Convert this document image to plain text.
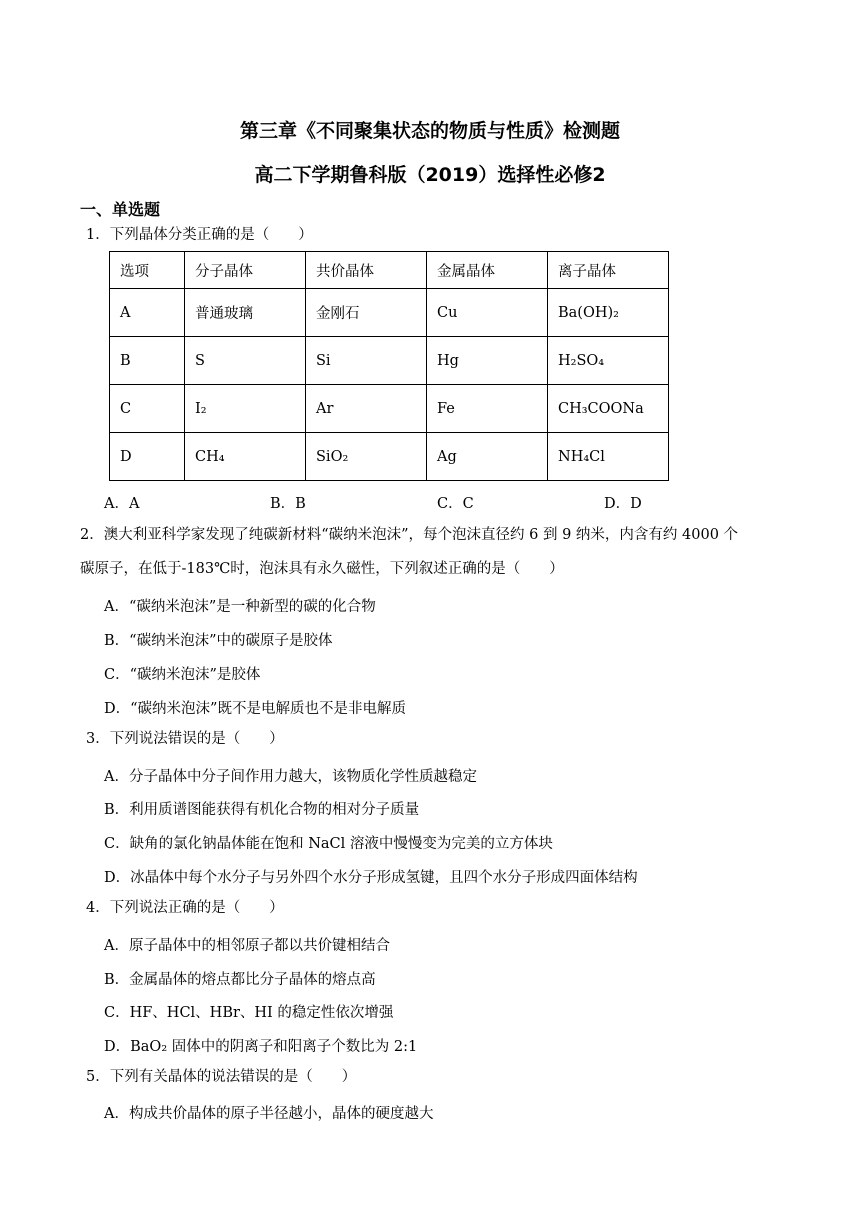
第三章《不同聚集状态的物质与性质》检测题
高二下学期鲁科版（2019）选择性必修2
一、单选题
1．下列晶体分类正确的是（　　）
选项	分子晶体	共价晶体	金属晶体	离子晶体
A	普通玻璃	金刚石	Cu	Ba(OH)₂
B	S	Si	Hg	H₂SO₄
C	I₂	Ar	Fe	CH₃COONa
D	CH₄	SiO₂	Ag	NH₄Cl
A．A	B．B	C．C	D．D
2．澳大利亚科学家发现了纯碳新材料“碳纳米泡沫”，每个泡沫直径约 6 到 9 纳米，内含有约 4000 个
碳原子，在低于-183℃时，泡沫具有永久磁性，下列叙述正确的是（　　）
A．“碳纳米泡沫”是一种新型的碳的化合物
B．“碳纳米泡沫”中的碳原子是胶体
C．“碳纳米泡沫”是胶体
D．“碳纳米泡沫”既不是电解质也不是非电解质
3．下列说法错误的是（　　）
A．分子晶体中分子间作用力越大，该物质化学性质越稳定
B．利用质谱图能获得有机化合物的相对分子质量
C．缺角的氯化钠晶体能在饱和 NaCl 溶液中慢慢变为完美的立方体块
D．冰晶体中每个水分子与另外四个水分子形成氢键，且四个水分子形成四面体结构
4．下列说法正确的是（　　）
A．原子晶体中的相邻原子都以共价键相结合
B．金属晶体的熔点都比分子晶体的熔点高
C．HF、HCl、HBr、HI 的稳定性依次增强
D．BaO₂ 固体中的阴离子和阳离子个数比为 2:1
5．下列有关晶体的说法错误的是（　　）
A．构成共价晶体的原子半径越小，晶体的硬度越大
